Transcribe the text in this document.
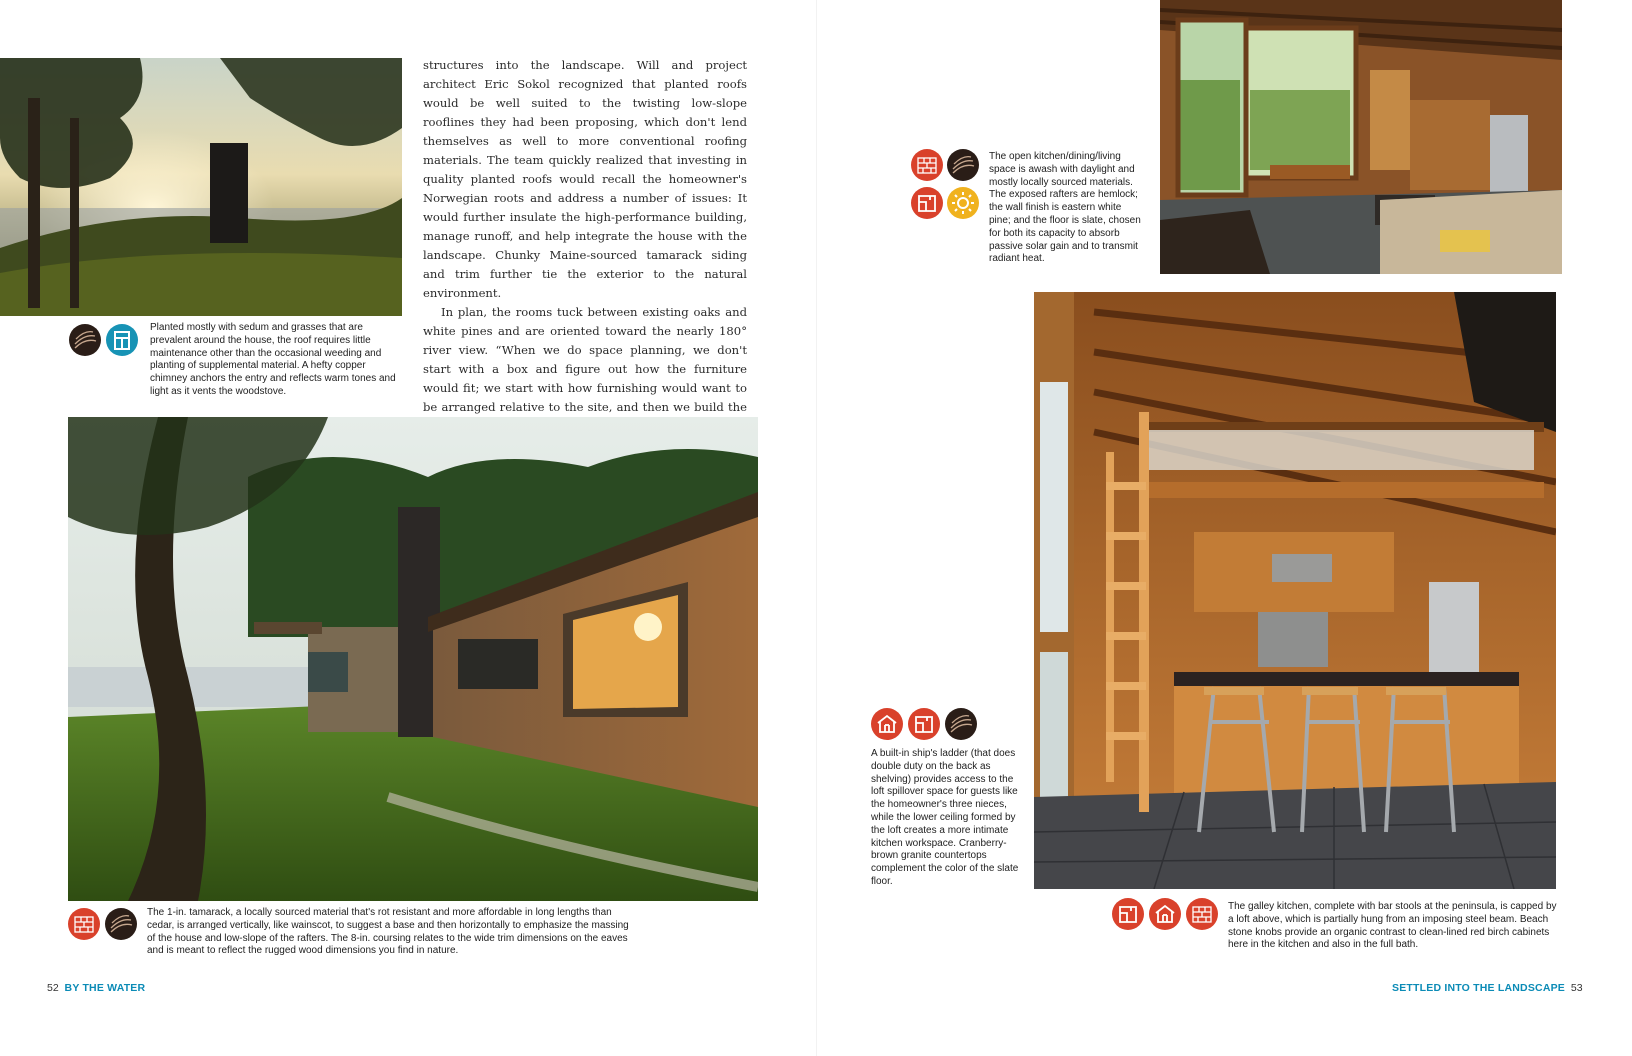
structures into the landscape. Will and project architect Eric Sokol recognized that planted roofs would be well suited to the twisting low-slope rooflines they had been proposing, which don't lend themselves as well to more conventional roofing materials. The team quickly realized that investing in quality planted roofs would recall the homeowner's Norwegian roots and address a number of issues: It would further insulate the high-performance building, manage runoff, and help integrate the house with the landscape. Chunky Maine-sourced tamarack siding and trim further tie the exterior to the natural environment.

In plan, the rooms tuck between existing oaks and white pines and are oriented toward the nearly 180° river view. “When we do space planning, we don't start with a box and figure out how the furniture would fit; we start with how furnishing would want to be arranged relative to the site, and then we build the

Planted mostly with sedum and grasses that are prevalent around the house, the roof requires little maintenance other than the occasional weeding and planting of supplemental material. A hefty copper chimney anchors the entry and reflects warm tones and light as it vents the woodstove.

The 1-in. tamarack, a locally sourced material that's rot resistant and more affordable in long lengths than cedar, is arranged vertically, like wainscot, to suggest a base and then horizontally to emphasize the massing of the house and low-slope of the rafters. The 8-in. coursing relates to the wide trim dimensions on the eaves and is meant to reflect the rugged wood dimensions you find in nature.

The open kitchen/dining/living space is awash with daylight and mostly locally sourced materials. The exposed rafters are hemlock; the wall finish is eastern white pine; and the floor is slate, chosen for both its capacity to absorb passive solar gain and to transmit radiant heat.

A built-in ship's ladder (that does double duty on the back as shelving) provides access to the loft spillover space for guests like the homeowner's three nieces, while the lower ceiling formed by the loft creates a more intimate kitchen workspace. Cranberry-brown granite countertops complement the color of the slate floor.

The galley kitchen, complete with bar stools at the peninsula, is capped by a loft above, which is partially hung from an imposing steel beam. Beach stone knobs provide an organic contrast to clean-lined red birch cabinets here in the kitchen and also in the full bath.

52 BY THE WATER	SETTLED INTO THE LANDSCAPE 53
